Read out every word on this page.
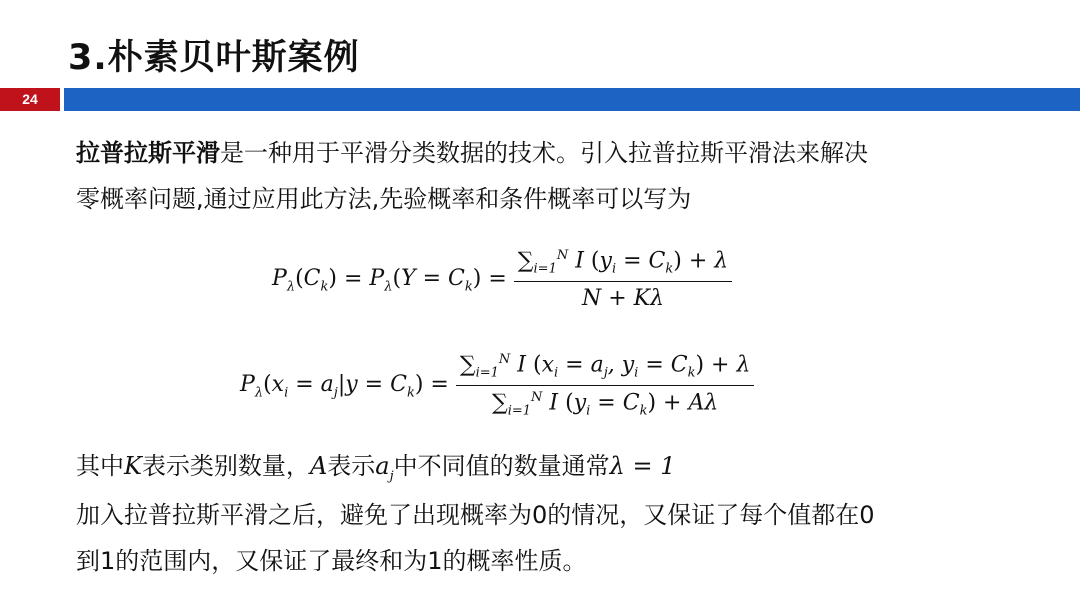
3.朴素贝叶斯案例
24
拉普拉斯平滑是一种用于平滑分类数据的技术。引入拉普拉斯平滑法来解决
零概率问题,通过应用此方法,先验概率和条件概率可以写为
$P_\lambda(C_k) = P_\lambda(Y = C_k) = \frac{\sum_{i=1}^N I (y_i = C_k) + \lambda}{N + K\lambda}$
$P_\lambda(x_i = a_j|y = C_k) = \frac{\sum_{i=1}^N I (x_i = a_j, y_i = C_k) + \lambda}{\sum_{i=1}^N I (y_i = C_k) + A\lambda}$
其中K表示类别数量，A表示$a_j$中不同值的数量通常λ = 1
加入拉普拉斯平滑之后，避免了出现概率为0的情况，又保证了每个值都在0
到1的范围内，又保证了最终和为1的概率性质。
